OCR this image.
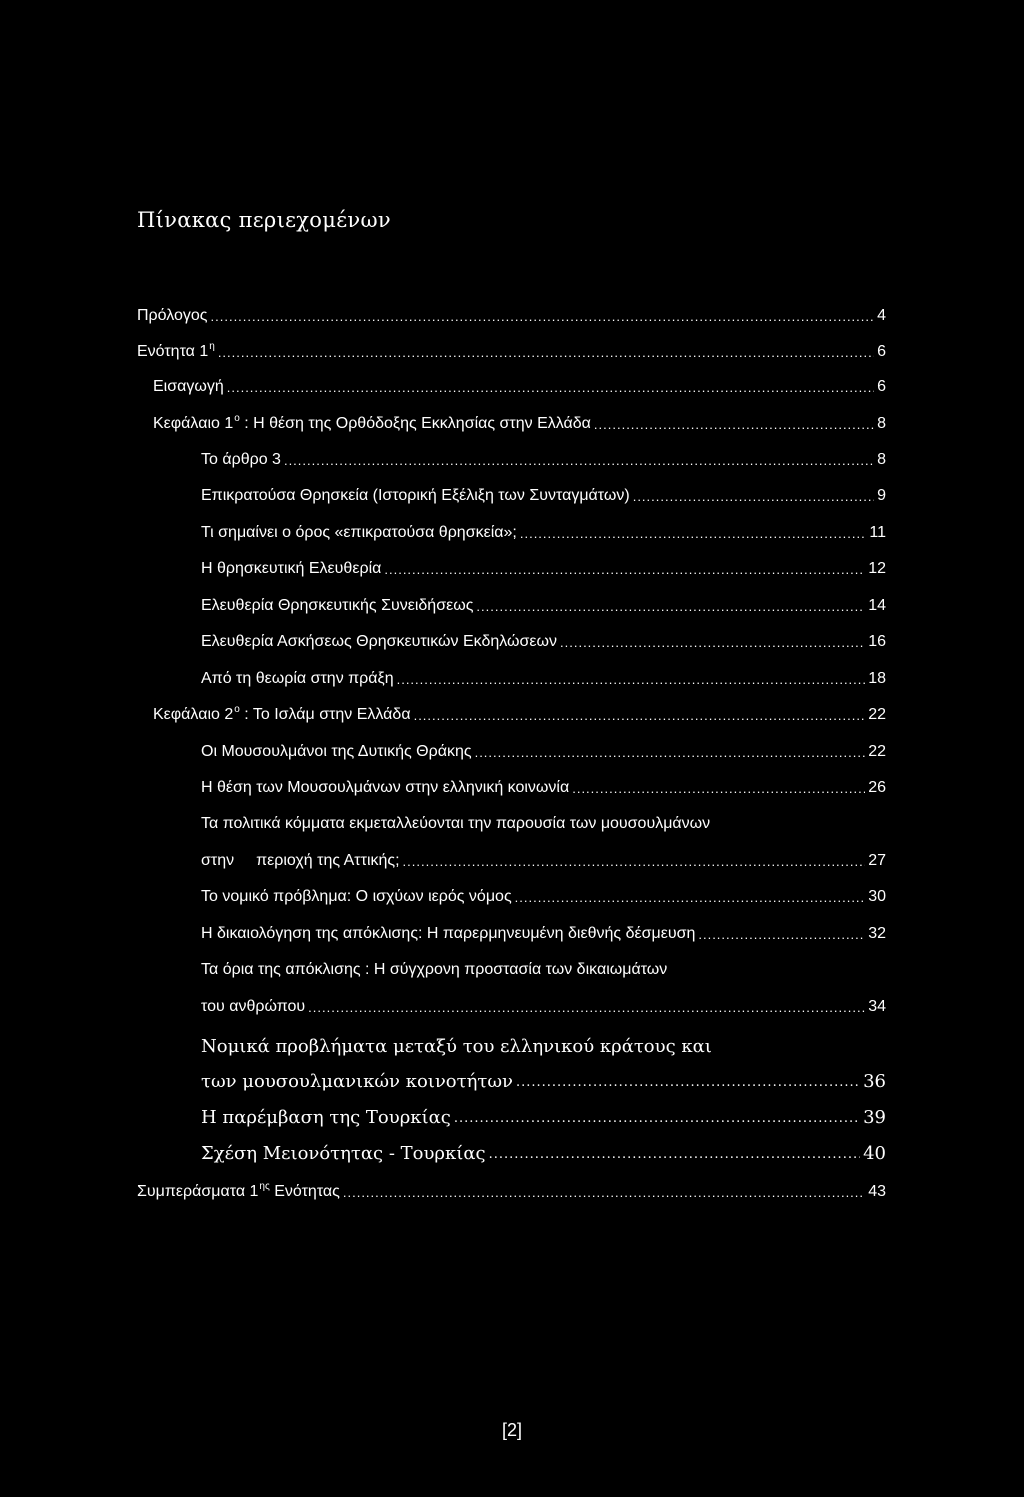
Πίνακας περιεχομένων
Πρόλογος .....	4
Ενότητα $1^\eta$ .....	6
Εισαγωγή .....	6
Κεφάλαιο $1^o$ : Η θέση της Ορθόδοξης Εκκλησίας στην Ελλάδα .....	8
Το άρθρο 3 .....	8
Επικρατούσα Θρησκεία (Ιστορική Εξέλιξη των Συνταγμάτων) .....	9
Τι σημαίνει ο όρος «επικρατούσα θρησκεία»; .....	11
Η θρησκευτική Ελευθερία .....	12
Ελευθερία Θρησκευτικής Συνειδήσεως .....	14
Ελευθερία Ασκήσεως Θρησκευτικών Εκδηλώσεων .....	16
Από τη θεωρία στην πράξη .....	18
Κεφάλαιο $2^o$ : Το Ισλάμ στην Ελλάδα .....	22
Οι Μουσουλμάνοι της Δυτικής Θράκης .....	22
Η θέση των Μουσουλμάνων στην ελληνική κοινωνία .....	26
Τα πολιτικά κόμματα εκμεταλλεύονται την παρουσία των μουσουλμάνων
στην περιοχή της Αττικής; .....	27
Το νομικό πρόβλημα: Ο ισχύων ιερός νόμος .....	30
Η δικαιολόγηση της απόκλισης: Η παρερμηνευμένη διεθνής δέσμευση .....	32
Τα όρια της απόκλισης : Η σύγχρονη προστασία των δικαιωμάτων
του ανθρώπου .....	34
Νομικά προβλήματα μεταξύ του ελληνικού κράτους και
των μουσουλμανικών κοινοτήτων .....	36
Η παρέμβαση της Τουρκίας .....	39
Σχέση Μειονότητας - Τουρκίας .....	40
Συμπεράσματα $1^{\eta\varsigma}$ Ενότητας .....	43
[2]
